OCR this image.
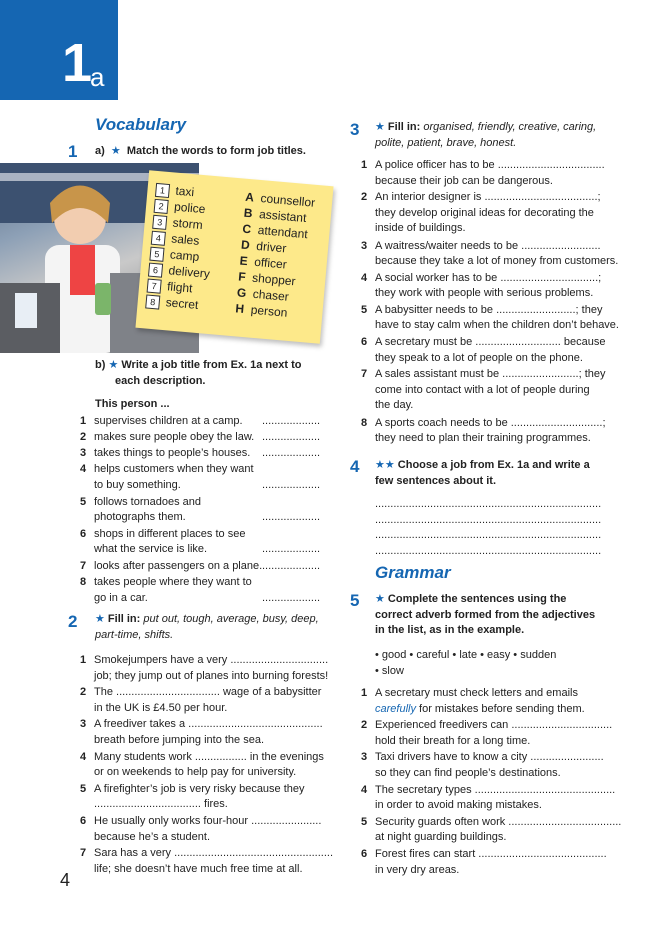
1
a
Vocabulary
1 a)  ★  Match the words to form job titles.
1 taxi
2 police
3 storm
4 sales
5 camp
6 delivery
7 flight
8 secret
A counsellor
B assistant
C attendant
D driver
E officer
F shopper
G chaser
H person
b) ★ Write a job title from Ex. 1a next to
each description.
This person ...
1 supervises children at a camp. ...................
2 makes sure people obey the law. ...................
3 takes things to people’s houses. ...................
4 helps customers when they want
to buy something.	...................
5 follows tornadoes and
photographs them.	...................
6 shops in different places to see
what the service is like.	...................
7 looks after passengers on a plane. ...................
8 takes people where they want to
go in a car.	...................
2 ★ Fill in: put out, tough, average, busy, deep,
part-time, shifts.
1 Smokejumpers have a very ................................
job; they jump out of planes into burning forests!
2 The .................................. wage of a babysitter
in the UK is £4.50 per hour.
3 A freediver takes a ............................................
breath before jumping into the sea.
4 Many students work ................. in the evenings
or on weekends to help pay for university.
5 A firefighter’s job is very risky because they
................................... fires.
6 He usually only works four-hour .......................
because he’s a student.
7 Sara has a very ....................................................
life; she doesn’t have much free time at all.
3 ★ Fill in: organised, friendly, creative, caring,
polite, patient, brave, honest.
1 A police officer has to be ...................................
because their job can be dangerous.
2 An interior designer is .....................................;
they develop original ideas for decorating the
inside of buildings.
3 A waitress/waiter needs to be ..........................
because they take a lot of money from customers.
4 A social worker has to be ................................;
they work with people with serious problems.
5 A babysitter needs to be ..........................; they
have to stay calm when the children don’t behave.
6 A secretary must be ............................ because
they speak to a lot of people on the phone.
7 A sales assistant must be .........................; they
come into contact with a lot of people during
the day.
8 A sports coach needs to be ..............................;
they need to plan their training programmes.
4 ★★ Choose a job from Ex. 1a and write a
few sentences about it.
..........................................................................
..........................................................................
..........................................................................
..........................................................................
Grammar
5 ★ Complete the sentences using the
correct adverb formed from the adjectives
in the list, as in the example.
• good • careful • late • easy • sudden
• slow
1 A secretary must check letters and emails
carefully for mistakes before sending them.
2 Experienced freedivers can .................................
hold their breath for a long time.
3 Taxi drivers have to know a city ........................
so they can find people’s destinations.
4 The secretary types ..............................................
in order to avoid making mistakes.
5 Security guards often work .....................................
at night guarding buildings.
6 Forest fires can start ..........................................
in very dry areas.
4
